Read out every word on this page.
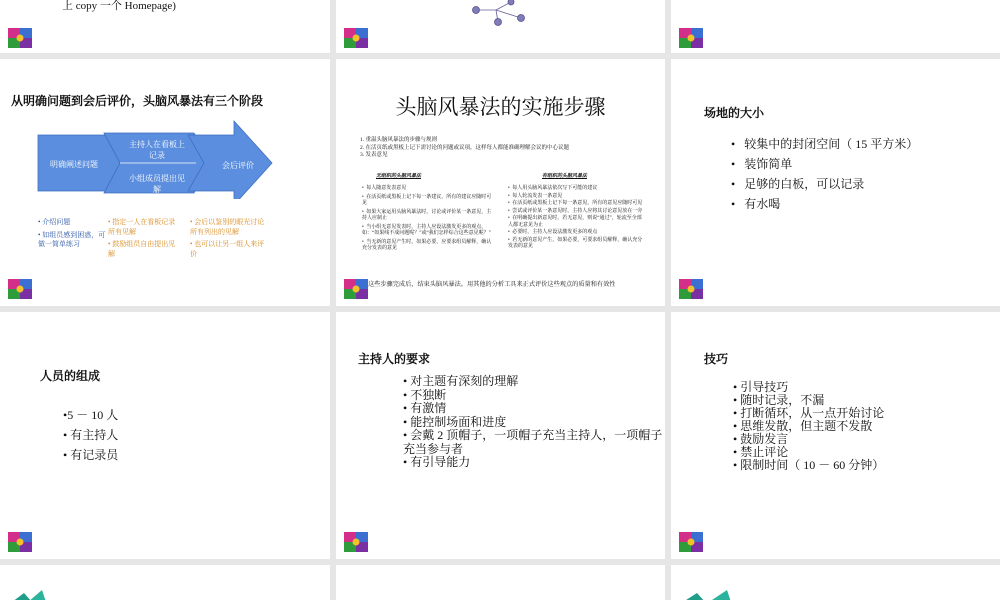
上 copy 一个 Homepage)
从明确问题到会后评价，头脑风暴法有三个阶段
明确阐述问题
主持人在看板上记录
小组成员提出见解
会后评价
• 介绍问题
• 如组员感到困惑，可做一简单练习
• 指定一人在看板记录所有见解
• 鼓励组员自由提出见解
• 会后以鉴别的眼光讨论所有列出的见解
• 也可以让另一组人来评价
头脑风暴法的实施步骤
1. 重温头脑风暴法的步骤与规则
2. 在活页纸或黑板上记下需讨论的问题或议项，这样每人都能准确理解会议的中心议题
3. 发表意见
无组织的头脑风暴法	有组织的头脑风暴法
•  每人随意发表意见
•  在活页纸或黑板上记下每一条建议，所有的建议应随时可见
•  如果大家运用头脑风暴法时，讨论或评价某一条意见，主持人应制止
•  当小组无意见发表时，主持人应设法激发更多的观点，如：“如果线不成问题呢？”或“我们怎样综合这些意见呢？”
•  当无新的意见产生时，如果必要，应要求组员解释，确认充分发表的意见
•  每人用头脑风暴法依次写下可能的建议
•  每人轮流发表一条意见
•  在活页纸或黑板上记下每一条意见，所有的意见应随时可见
•  尝试或评价某一条意见时，主持人应将其讨论意见放在一旁
•  在明确提出新意见时，若无意见，则说“通过”，轮流至全部人都无意见为止
•  必要时，主持人应设法激发更多的观点
•  若无新的意见产生，如果必要，可要求组员解释，确认充分发表的意见
这些步骤完成后，结束头脑风暴法。用其他的分析工具来正式评价这些观点的质量和有效性
场地的大小
•   较集中的封闭空间（ 15 平方米）
•   装饰简单
•   足够的白板，可以记录
•   有水喝
人员的组成
•5 － 10 人
• 有主持人
• 有记录员
主持人的要求
• 对主题有深刻的理解
• 不独断
• 有激情
• 能控制场面和进度
• 会戴 2 顶帽子，一项帽子充当主持人，一项帽子
充当参与者
• 有引导能力
技巧
• 引导技巧
• 随时记录，不漏
• 打断循环，从一点开始讨论
• 思维发散，但主题不发散
• 鼓励发言
• 禁止评论
• 限制时间（ 10 － 60 分钟）
